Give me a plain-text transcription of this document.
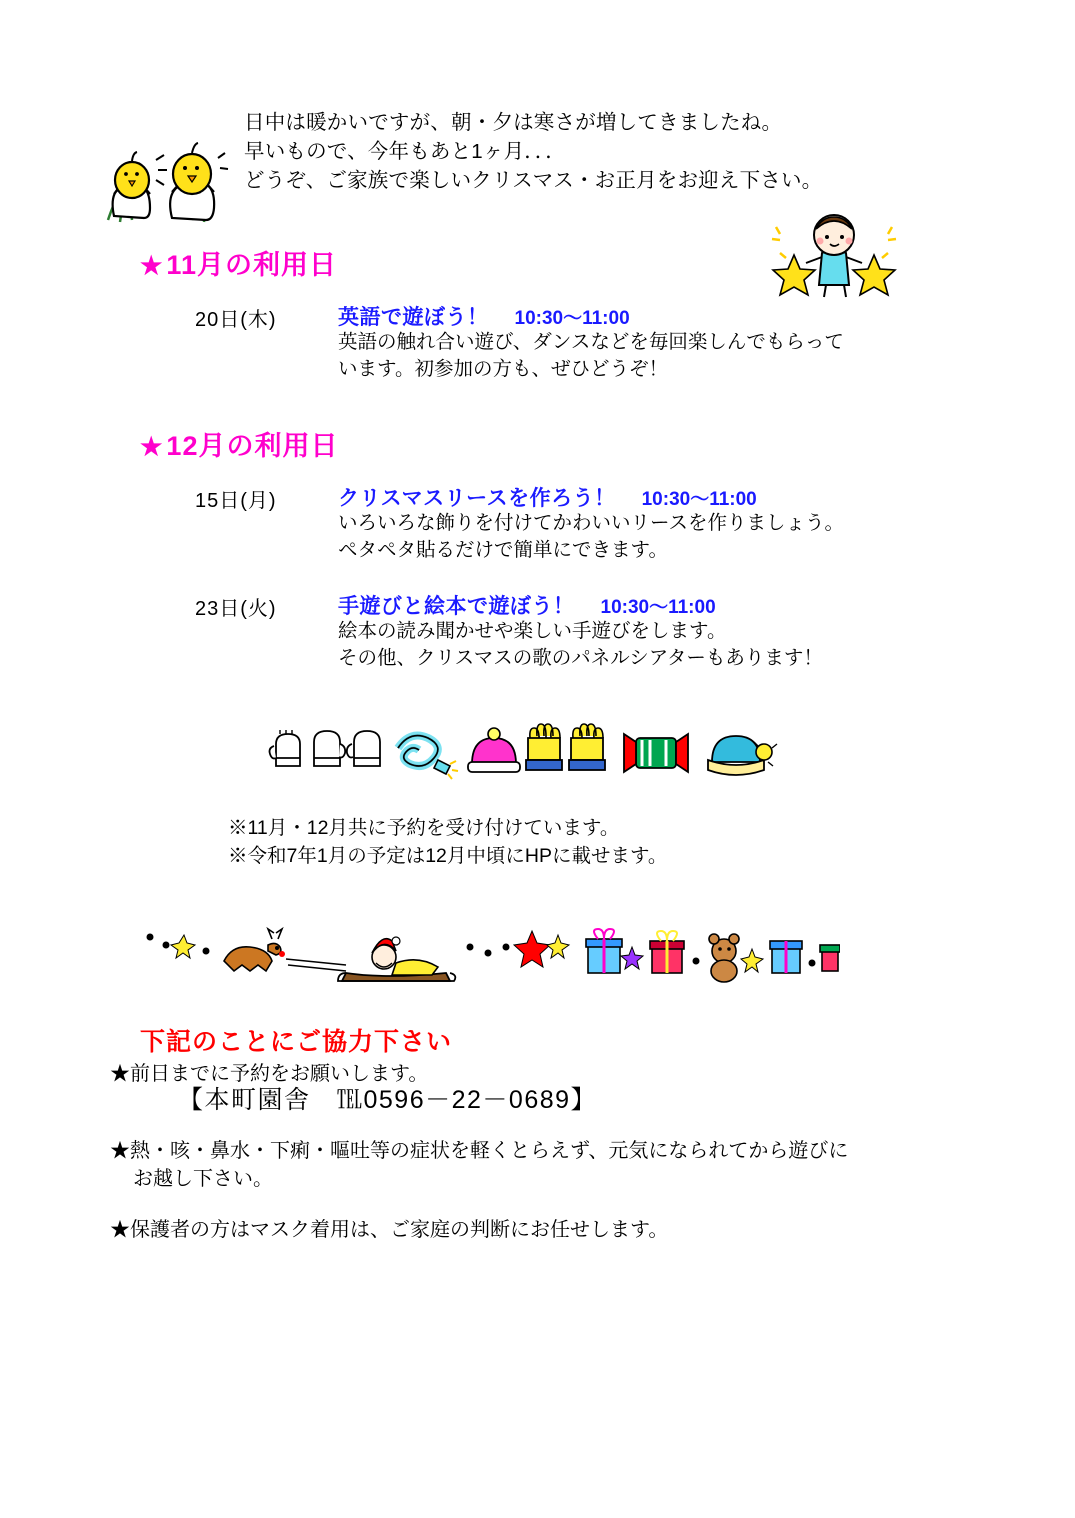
日中は暖かいですが、朝・夕は寒さが増してきましたね。
早いもので、今年もあと1ヶ月．．．
どうぞ、ご家族で楽しいクリスマス・お正月をお迎え下さい。
★ 11月の利用日
20日(木)	英語で遊ぼう！ 10:30～11:00
英語の触れ合い遊び、ダンスなどを毎回楽しんでもらって
います。初参加の方も、ぜひどうぞ！
★ 12月の利用日
15日(月)	クリスマスリースを作ろう！ 10:30～11:00
いろいろな飾りを付けてかわいいリースを作りましょう。
ペタペタ貼るだけで簡単にできます。
23日(火)	手遊びと絵本で遊ぼう！ 10:30～11:00
絵本の読み聞かせや楽しい手遊びをします。
その他、クリスマスの歌のパネルシアターもあります！
※11月・12月共に予約を受け付けています。
※令和7年1月の予定は12月中頃にHPに載せます。
下記のことにご協力下さい
★前日までに予約をお願いします。
【本町園舎　℡0596－22－0689】
★熱・咳・鼻水・下痢・嘔吐等の症状を軽くとらえず、元気になられてから遊びに
お越し下さい。
★保護者の方はマスク着用は、ご家庭の判断にお任せします。
